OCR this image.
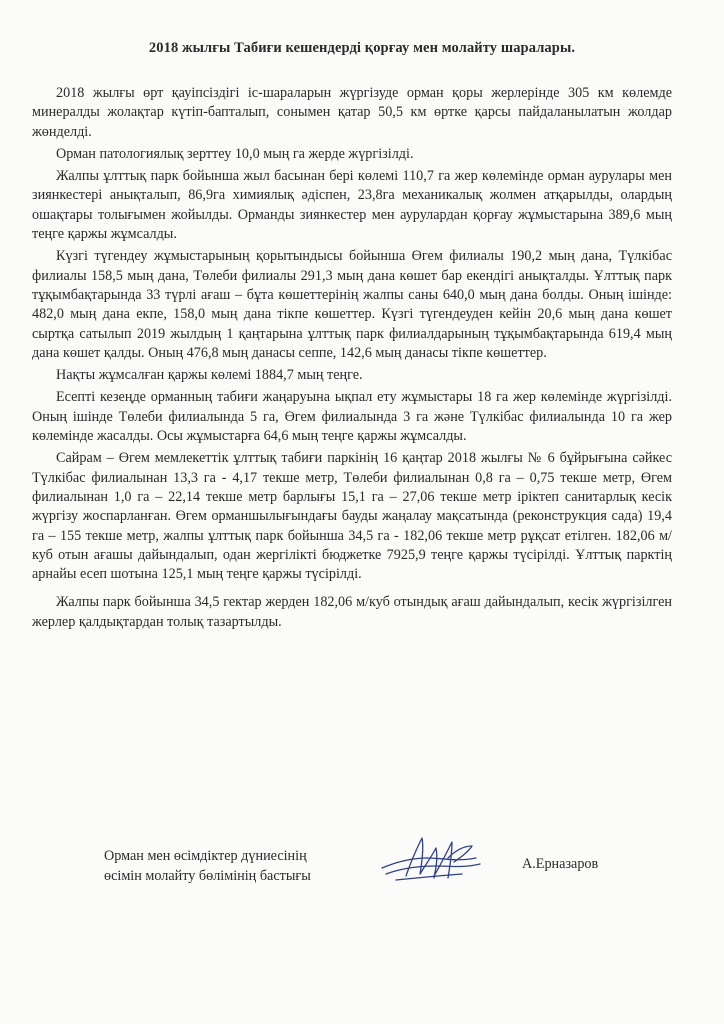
2018 жылғы Табиғи кешендерді қорғау мен молайту шаралары.

2018 жылғы өрт қауіпсіздігі іс-шараларын жүргізуде орман қоры жерлерінде 305 км көлемде минералды жолақтар күтіп-бапталып, сонымен қатар 50,5 км өртке қарсы пайдаланылатын жолдар жөнделді.

Орман патологиялық зерттеу 10,0 мың га жерде жүргізілді.

Жалпы ұлттық парк бойынша жыл басынан бері көлемі 110,7 га жер көлемінде орман аурулары мен зиянкестері анықталып, 86,9га химиялық әдіспен, 23,8га механикалық жолмен атқарылды, олардың ошақтары толығымен жойылды. Орманды зиянкестер мен аурулардан қорғау жұмыстарына 389,6 мың теңге қаржы жұмсалды.

Күзгі түгендеу жұмыстарының қорытындысы бойынша Өгем филиалы 190,2 мың дана, Түлкібас филиалы 158,5 мың дана, Төлеби филиалы 291,3 мың дана көшет бар екендігі анықталды. Ұлттық парк тұқымбақтарында 33 түрлі ағаш – бұта көшеттерінің жалпы саны 640,0 мың дана болды. Оның ішінде: 482,0 мың дана екпе, 158,0 мың дана тікпе көшеттер. Күзгі түгендеуден кейін 20,6 мың дана көшет сыртқа сатылып 2019 жылдың 1 қаңтарына ұлттық парк филиалдарының тұқымбақтарында 619,4 мың дана көшет қалды. Оның 476,8 мың данасы сеппе, 142,6 мың данасы тікпе көшеттер.

Нақты жұмсалған қаржы көлемі 1884,7 мың теңге.

Есепті кезеңде орманның табиғи жаңаруына ықпал ету жұмыстары 18 га жер көлемінде жүргізілді. Оның ішінде Төлеби филиалында 5 га, Өгем филиалында 3 га және Түлкібас филиалында 10 га жер көлемінде жасалды. Осы жұмыстарға 64,6 мың теңге қаржы жұмсалды.

Сайрам – Өгем мемлекеттік ұлттық табиғи паркінің 16 қаңтар 2018 жылғы № 6 бұйрығына сәйкес Түлкібас филиалынан 13,3 га - 4,17 текше метр, Төлеби филиалынан 0,8 га – 0,75 текше метр, Өгем филиалынан 1,0 га – 22,14 текше метр барлығы 15,1 га – 27,06 текше метр іріктеп санитарлық кесік жүргізу жоспарланған. Өгем орманшылығындағы бауды жаңалау мақсатында (реконструкция сада) 19,4 га – 155 текше метр, жалпы ұлттық парк бойынша 34,5 га - 182,06 текше метр рұқсат етілген. 182,06 м/куб отын ағашы дайындалып, одан жергілікті бюджетке 7925,9 теңге қаржы түсірілді. Ұлттық парктің арнайы есеп шотына 125,1 мың теңге қаржы түсірілді.

Жалпы парк бойынша 34,5 гектар жерден 182,06 м/куб отындық ағаш дайындалып, кесік жүргізілген жерлер қалдықтардан толық тазартылды.

Орман мен өсімдіктер дүниесінің
өсімін молайту бөлімінің бастығы
А.Ерназаров
